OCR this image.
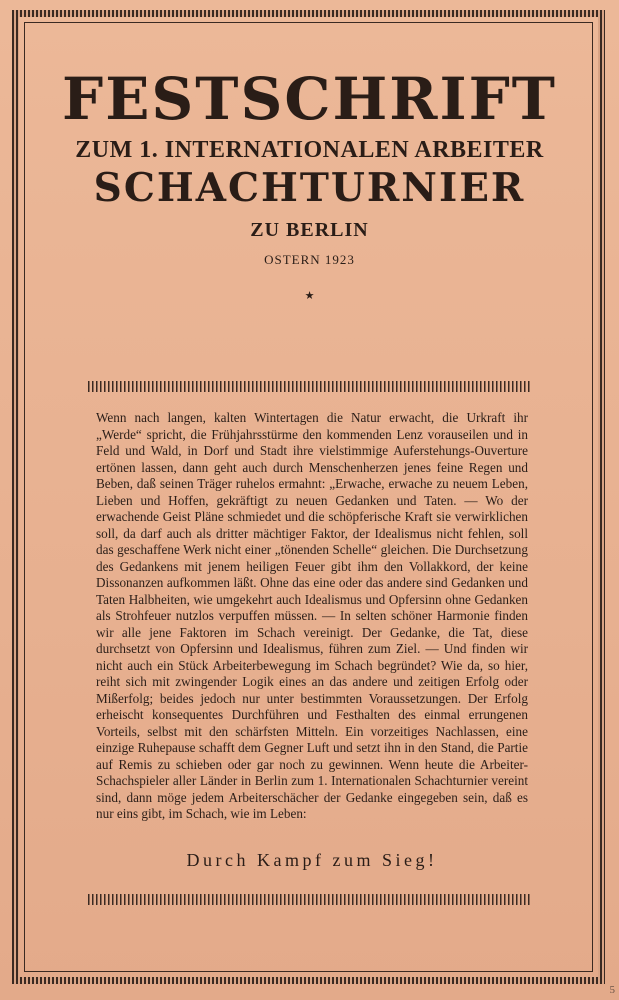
FESTSCHRIFT
ZUM 1. INTERNATIONALEN ARBEITER
SCHACHTURNIER
ZU BERLIN
OSTERN 1923
★
Wenn nach langen, kalten Wintertagen die Natur erwacht, die Urkraft ihr „Werde“ spricht, die Frühjahrsstürme den kommenden Lenz vorauseilen und in Feld und Wald, in Dorf und Stadt ihre vielstimmige Auferstehungs-Ouverture ertönen lassen, dann geht auch durch Menschenherzen jenes feine Regen und Beben, daß seinen Träger ruhelos ermahnt: „Erwache, erwache zu neuem Leben, Lieben und Hoffen, gekräftigt zu neuen Gedanken und Taten. — Wo der erwachende Geist Pläne schmiedet und die schöpferische Kraft sie verwirklichen soll, da darf auch als dritter mächtiger Faktor, der Idealismus nicht fehlen, soll das geschaffene Werk nicht einer „tönenden Schelle“ gleichen. Die Durchsetzung des Gedankens mit jenem heiligen Feuer gibt ihm den Vollakkord, der keine Dissonanzen aufkommen läßt. Ohne das eine oder das andere sind Gedanken und Taten Halbheiten, wie umgekehrt auch Idealismus und Opfersinn ohne Gedanken als Strohfeuer nutzlos verpuffen müssen. — In selten schöner Harmonie finden wir alle jene Faktoren im Schach vereinigt. Der Gedanke, die Tat, diese durchsetzt von Opfersinn und Idealismus, führen zum Ziel. — Und finden wir nicht auch ein Stück Arbeiterbewegung im Schach begründet? Wie da, so hier, reiht sich mit zwingender Logik eines an das andere und zeitigen Erfolg oder Mißerfolg; beides jedoch nur unter bestimmten Voraussetzungen. Der Erfolg erheischt konsequentes Durchführen und Festhalten des einmal errungenen Vorteils, selbst mit den schärfsten Mitteln. Ein vorzeitiges Nachlassen, eine einzige Ruhepause schafft dem Gegner Luft und setzt ihn in den Stand, die Partie auf Remis zu schieben oder gar noch zu gewinnen. Wenn heute die Arbeiter-Schachspieler aller Länder in Berlin zum 1. Internationalen Schachturnier vereint sind, dann möge jedem Arbeiterschächer der Gedanke eingegeben sein, daß es nur eins gibt, im Schach, wie im Leben:
Durch Kampf zum Sieg!
5
